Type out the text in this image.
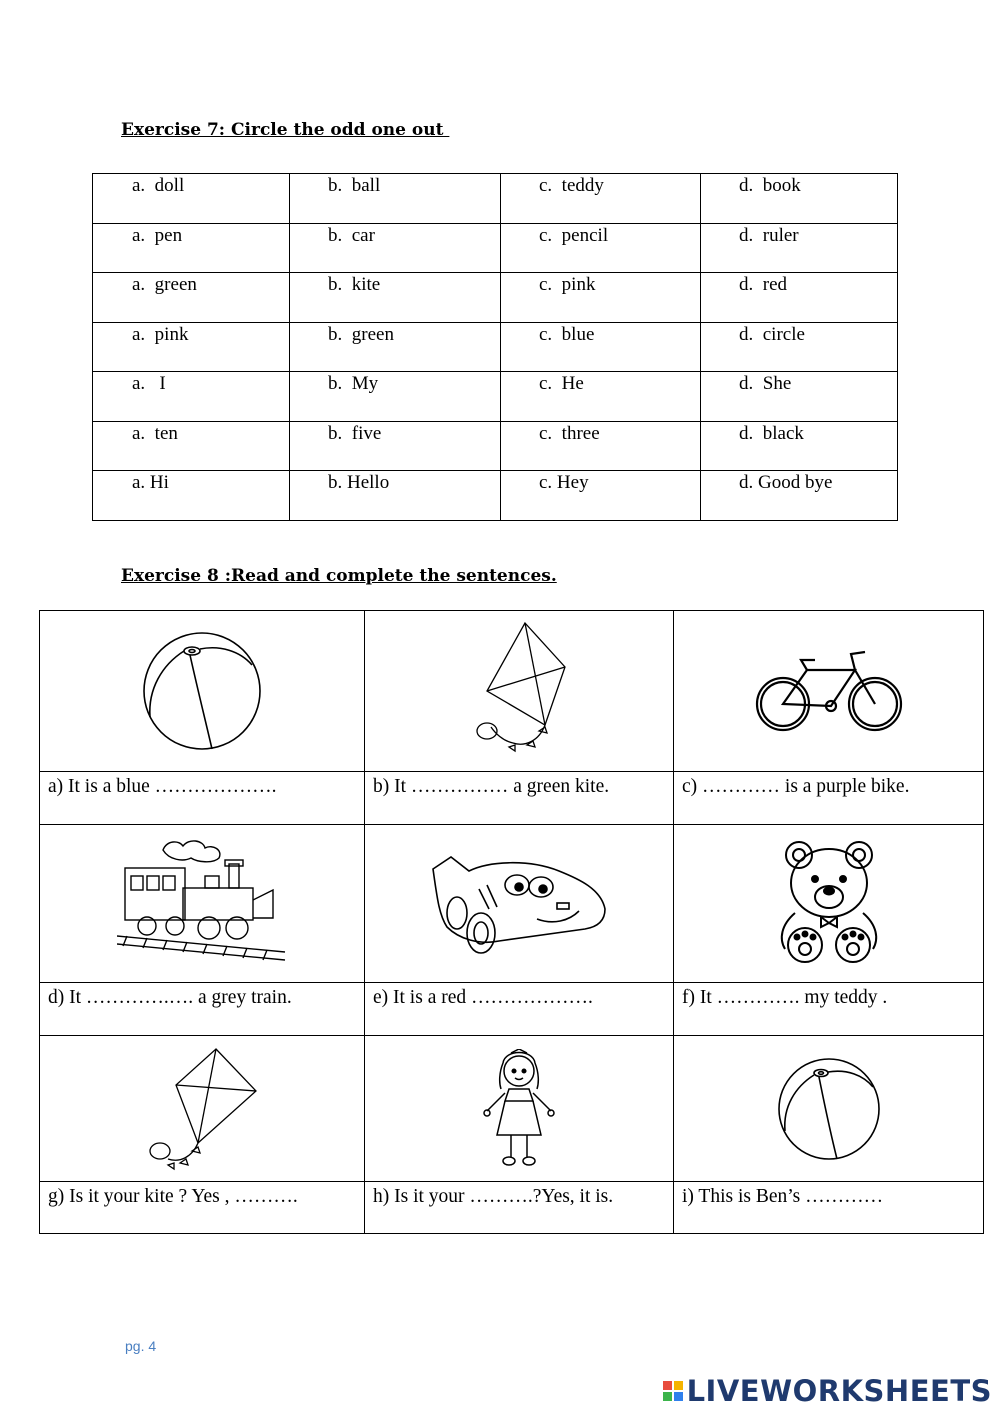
Exercise 7: Circle the odd one out
a.  doll	b.  ball	c.  teddy	d.  book
a.  pen	b.  car	c.  pencil	d.  ruler
a.  green	b.  kite	c.  pink	d.  red
a.  pink	b.  green	c.  blue	d.  circle
a.   I	b.  My	c.  He	d.  She
a.  ten	b.  five	c.  three	d.  black
a. Hi	b. Hello	c. Hey	d. Good bye
Exercise 8 :Read and complete the sentences.

a) It is a blue ……………….	b) It …………… a green kite.	c) ………… is a purple bike.

d) It ………….…. a grey train.	e) It is a red ……………….	f) It …………. my teddy .

g) Is it your kite ? Yes , ……….	h) Is it your ……….?Yes, it is.	i) This is Ben’s …………
pg. 4
LIVEWORKSHEETS
